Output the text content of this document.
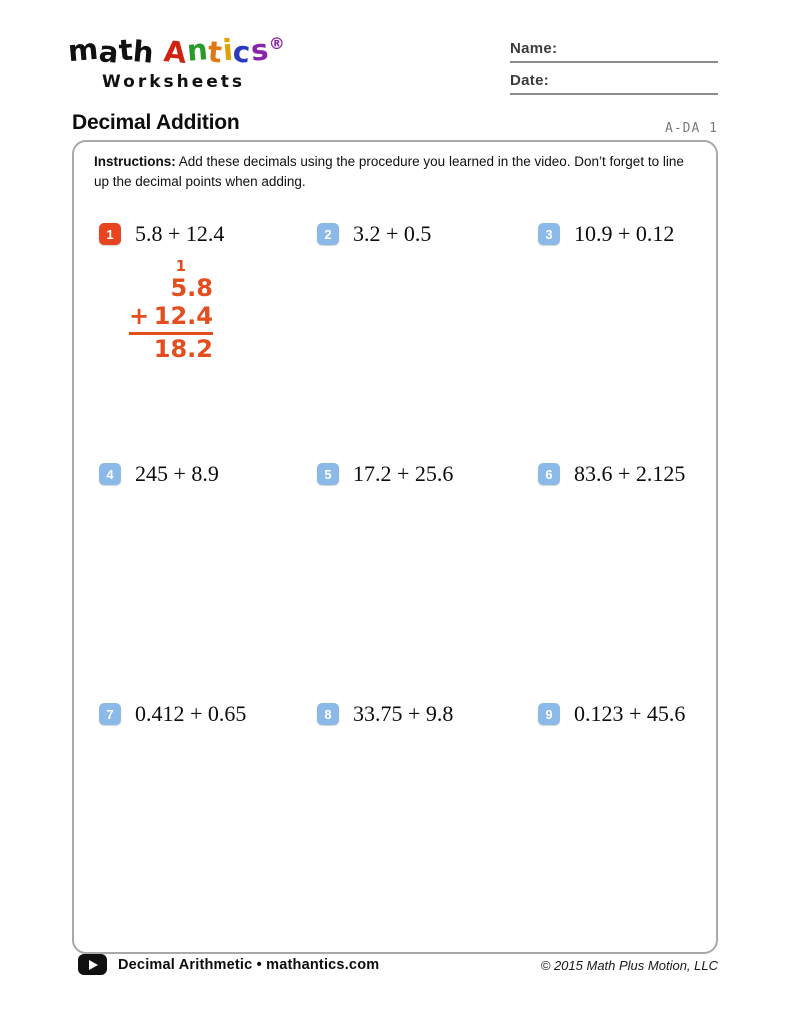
math Antics®
Worksheets
Name:
Date:
Decimal Addition	A-DA 1
Instructions: Add these decimals using the procedure you learned in the video. Don’t forget to line up the decimal points when adding.
1 5.8 + 12.4	2 3.2 + 0.5	3 10.9 + 0.12
1
5.8
+ 12.4
18.2
4 245 + 8.9	5 17.2 + 25.6	6 83.6 + 2.125
7 0.412 + 0.65	8 33.75 + 9.8	9 0.123 + 45.6
Decimal Arithmetic • mathantics.com	© 2015 Math Plus Motion, LLC
